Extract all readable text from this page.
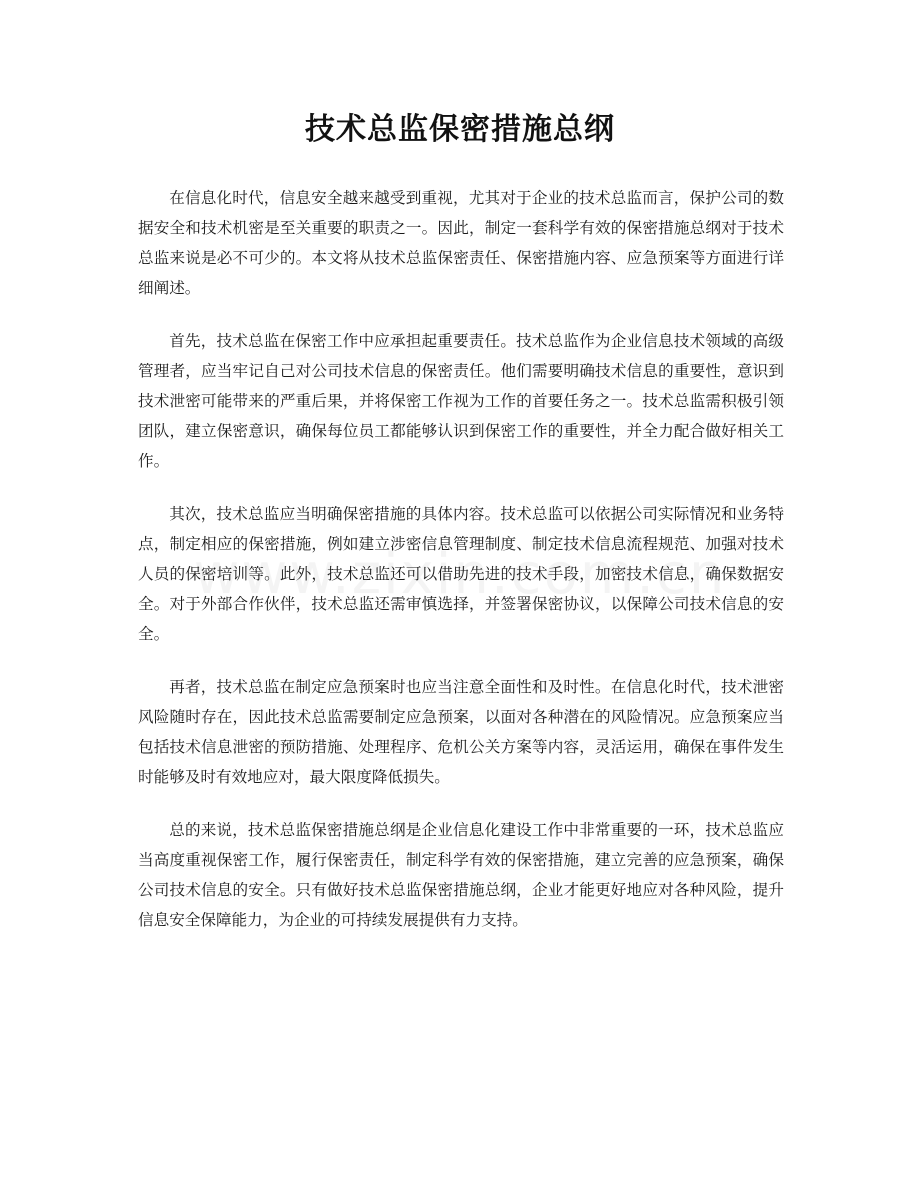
技术总监保密措施总纲

在信息化时代，信息安全越来越受到重视，尤其对于企业的技术总监而言，保护公司的数据安全和技术机密是至关重要的职责之一。因此，制定一套科学有效的保密措施总纲对于技术总监来说是必不可少的。本文将从技术总监保密责任、保密措施内容、应急预案等方面进行详细阐述。

首先，技术总监在保密工作中应承担起重要责任。技术总监作为企业信息技术领域的高级管理者，应当牢记自己对公司技术信息的保密责任。他们需要明确技术信息的重要性，意识到技术泄密可能带来的严重后果，并将保密工作视为工作的首要任务之一。技术总监需积极引领团队，建立保密意识，确保每位员工都能够认识到保密工作的重要性，并全力配合做好相关工作。

其次，技术总监应当明确保密措施的具体内容。技术总监可以依据公司实际情况和业务特点，制定相应的保密措施，例如建立涉密信息管理制度、制定技术信息流程规范、加强对技术人员的保密培训等。此外，技术总监还可以借助先进的技术手段，加密技术信息，确保数据安全。对于外部合作伙伴，技术总监还需审慎选择，并签署保密协议，以保障公司技术信息的安全。

再者，技术总监在制定应急预案时也应当注意全面性和及时性。在信息化时代，技术泄密风险随时存在，因此技术总监需要制定应急预案，以面对各种潜在的风险情况。应急预案应当包括技术信息泄密的预防措施、处理程序、危机公关方案等内容，灵活运用，确保在事件发生时能够及时有效地应对，最大限度降低损失。

总的来说，技术总监保密措施总纲是企业信息化建设工作中非常重要的一环，技术总监应当高度重视保密工作，履行保密责任，制定科学有效的保密措施，建立完善的应急预案，确保公司技术信息的安全。只有做好技术总监保密措施总纲，企业才能更好地应对各种风险，提升信息安全保障能力，为企业的可持续发展提供有力支持。
